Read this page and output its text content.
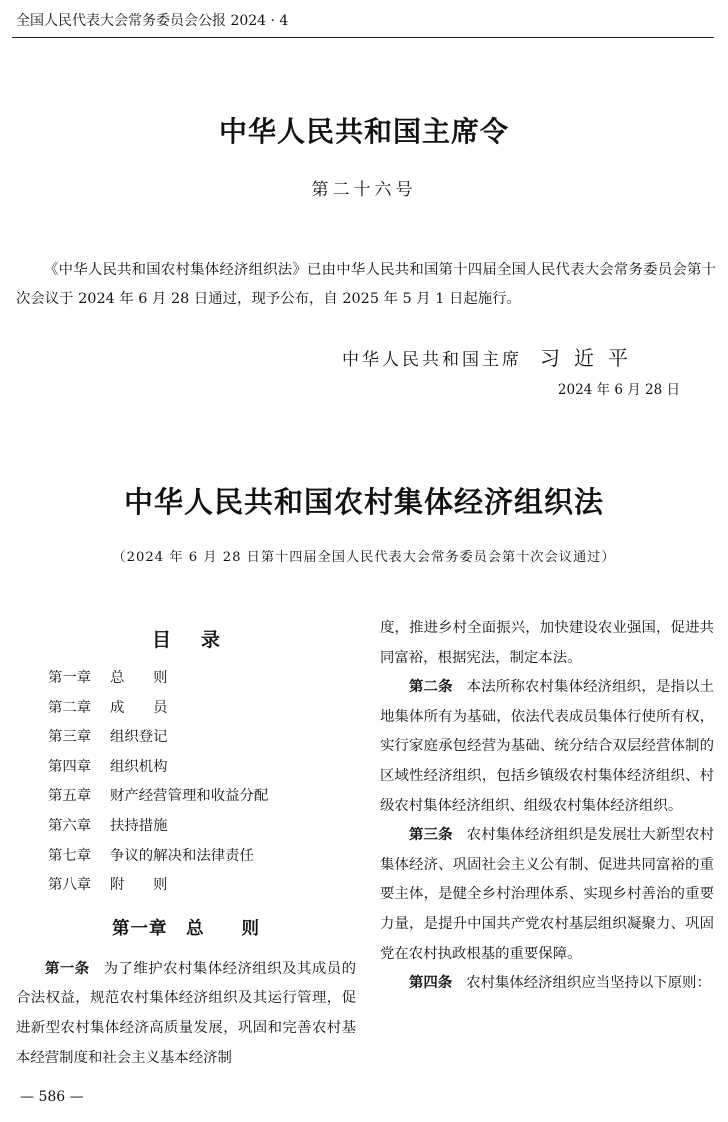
全国人民代表大会常务委员会公报 2024 · 4
中华人民共和国主席令
第二十六号

《中华人民共和国农村集体经济组织法》已由中华人民共和国第十四届全国人民代表大会常务委员会第十次会议于 2024 年 6 月 28 日通过，现予公布，自 2025 年 5 月 1 日起施行。

中华人民共和国主席 习近平
2024 年 6 月 28 日
中华人民共和国农村集体经济组织法
（2024 年 6 月 28 日第十四届全国人民代表大会常务委员会第十次会议通过）
目录
第一章	总　　则
第二章	成　　员
第三章	组织登记
第四章	组织机构
第五章	财产经营管理和收益分配
第六章	扶持措施
第七章	争议的解决和法律责任
第八章	附　　则
第一章　总　　则

第一条 为了维护农村集体经济组织及其成员的合法权益，规范农村集体经济组织及其运行管理，促进新型农村集体经济高质量发展，巩固和完善农村基本经营制度和社会主义基本经济制

度，推进乡村全面振兴，加快建设农业强国，促进共同富裕，根据宪法，制定本法。

第二条 本法所称农村集体经济组织，是指以土地集体所有为基础，依法代表成员集体行使所有权，实行家庭承包经营为基础、统分结合双层经营体制的区域性经济组织，包括乡镇级农村集体经济组织、村级农村集体经济组织、组级农村集体经济组织。

第三条 农村集体经济组织是发展壮大新型农村集体经济、巩固社会主义公有制、促进共同富裕的重要主体，是健全乡村治理体系、实现乡村善治的重要力量，是提升中国共产党农村基层组织凝聚力、巩固党在农村执政根基的重要保障。

第四条 农村集体经济组织应当坚持以下原则：

— 586 —
